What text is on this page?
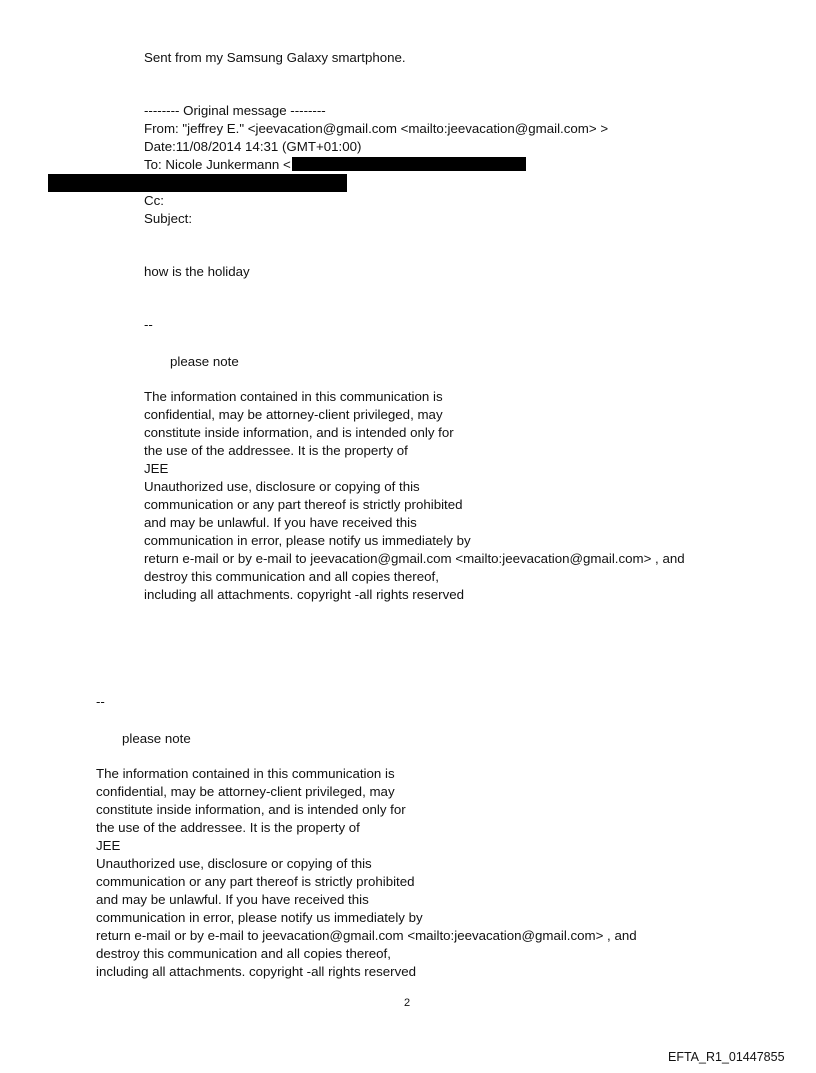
Sent from my Samsung Galaxy smartphone.
-------- Original message --------
From: "jeffrey E." <jeevacation@gmail.com <mailto:jeevacation@gmail.com> >
Date:11/08/2014 14:31 (GMT+01:00)
To: Nicole Junkermann <
Cc:
Subject:
how is the holiday
--
please note
The information contained in this communication is
confidential, may be attorney-client privileged, may
constitute inside information, and is intended only for
the use of the addressee. It is the property of
JEE
Unauthorized use, disclosure or copying of this
communication or any part thereof is strictly prohibited
and may be unlawful. If you have received this
communication in error, please notify us immediately by
return e-mail or by e-mail to jeevacation@gmail.com <mailto:jeevacation@gmail.com> , and
destroy this communication and all copies thereof,
including all attachments. copyright -all rights reserved
--
please note
The information contained in this communication is
confidential, may be attorney-client privileged, may
constitute inside information, and is intended only for
the use of the addressee. It is the property of
JEE
Unauthorized use, disclosure or copying of this
communication or any part thereof is strictly prohibited
and may be unlawful. If you have received this
communication in error, please notify us immediately by
return e-mail or by e-mail to jeevacation@gmail.com <mailto:jeevacation@gmail.com> , and
destroy this communication and all copies thereof,
including all attachments. copyright -all rights reserved
2
EFTA_R1_01447855
